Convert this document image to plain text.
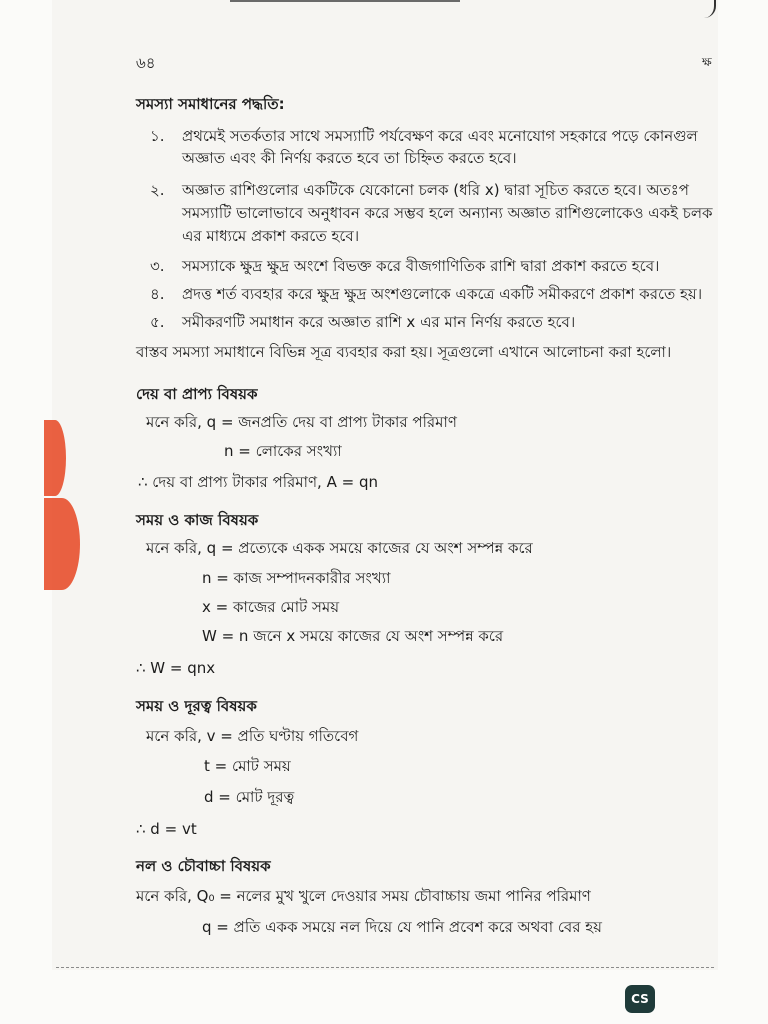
৬৪	ক্ষ
সমস্যা সমাধানের পদ্ধতি:
১. প্রথমেই সতর্কতার সাথে সমস্যাটি পর্যবেক্ষণ করে এবং মনোযোগ সহকারে পড়ে কোনগুল
অজ্ঞাত এবং কী নির্ণয় করতে হবে তা চিহ্নিত করতে হবে।
২. অজ্ঞাত রাশিগুলোর একটিকে যেকোনো চলক (ধরি x) দ্বারা সূচিত করতে হবে। অতঃপ
সমস্যাটি ভালোভাবে অনুধাবন করে সম্ভব হলে অন্যান্য অজ্ঞাত রাশিগুলোকেও একই চলক
এর মাধ্যমে প্রকাশ করতে হবে।
৩. সমস্যাকে ক্ষুদ্র ক্ষুদ্র অংশে বিভক্ত করে বীজগাণিতিক রাশি দ্বারা প্রকাশ করতে হবে।
৪. প্রদত্ত শর্ত ব্যবহার করে ক্ষুদ্র ক্ষুদ্র অংশগুলোকে একত্রে একটি সমীকরণে প্রকাশ করতে হয়।
৫. সমীকরণটি সমাধান করে অজ্ঞাত রাশি x এর মান নির্ণয় করতে হবে।
বাস্তব সমস্যা সমাধানে বিভিন্ন সূত্র ব্যবহার করা হয়। সূত্রগুলো এখানে আলোচনা করা হলো।
দেয় বা প্রাপ্য বিষয়ক
মনে করি, q = জনপ্রতি দেয় বা প্রাপ্য টাকার পরিমাণ
n = লোকের সংখ্যা
∴ দেয় বা প্রাপ্য টাকার পরিমাণ, A = qn
সময় ও কাজ বিষয়ক
মনে করি, q = প্রত্যেকে একক সময়ে কাজের যে অংশ সম্পন্ন করে
n = কাজ সম্পাদনকারীর সংখ্যা
x = কাজের মোট সময়
W = n জনে x সময়ে কাজের যে অংশ সম্পন্ন করে
∴ W = qnx
সময় ও দূরত্ব বিষয়ক
মনে করি, v = প্রতি ঘণ্টায় গতিবেগ
t = মোট সময়
d = মোট দূরত্ব
∴ d = vt
নল ও চৌবাচ্চা বিষয়ক
মনে করি, Q₀ = নলের মুখ খুলে দেওয়ার সময় চৌবাচ্চায় জমা পানির পরিমাণ
q = প্রতি একক সময়ে নল দিয়ে যে পানি প্রবেশ করে অথবা বের হয়
CS
